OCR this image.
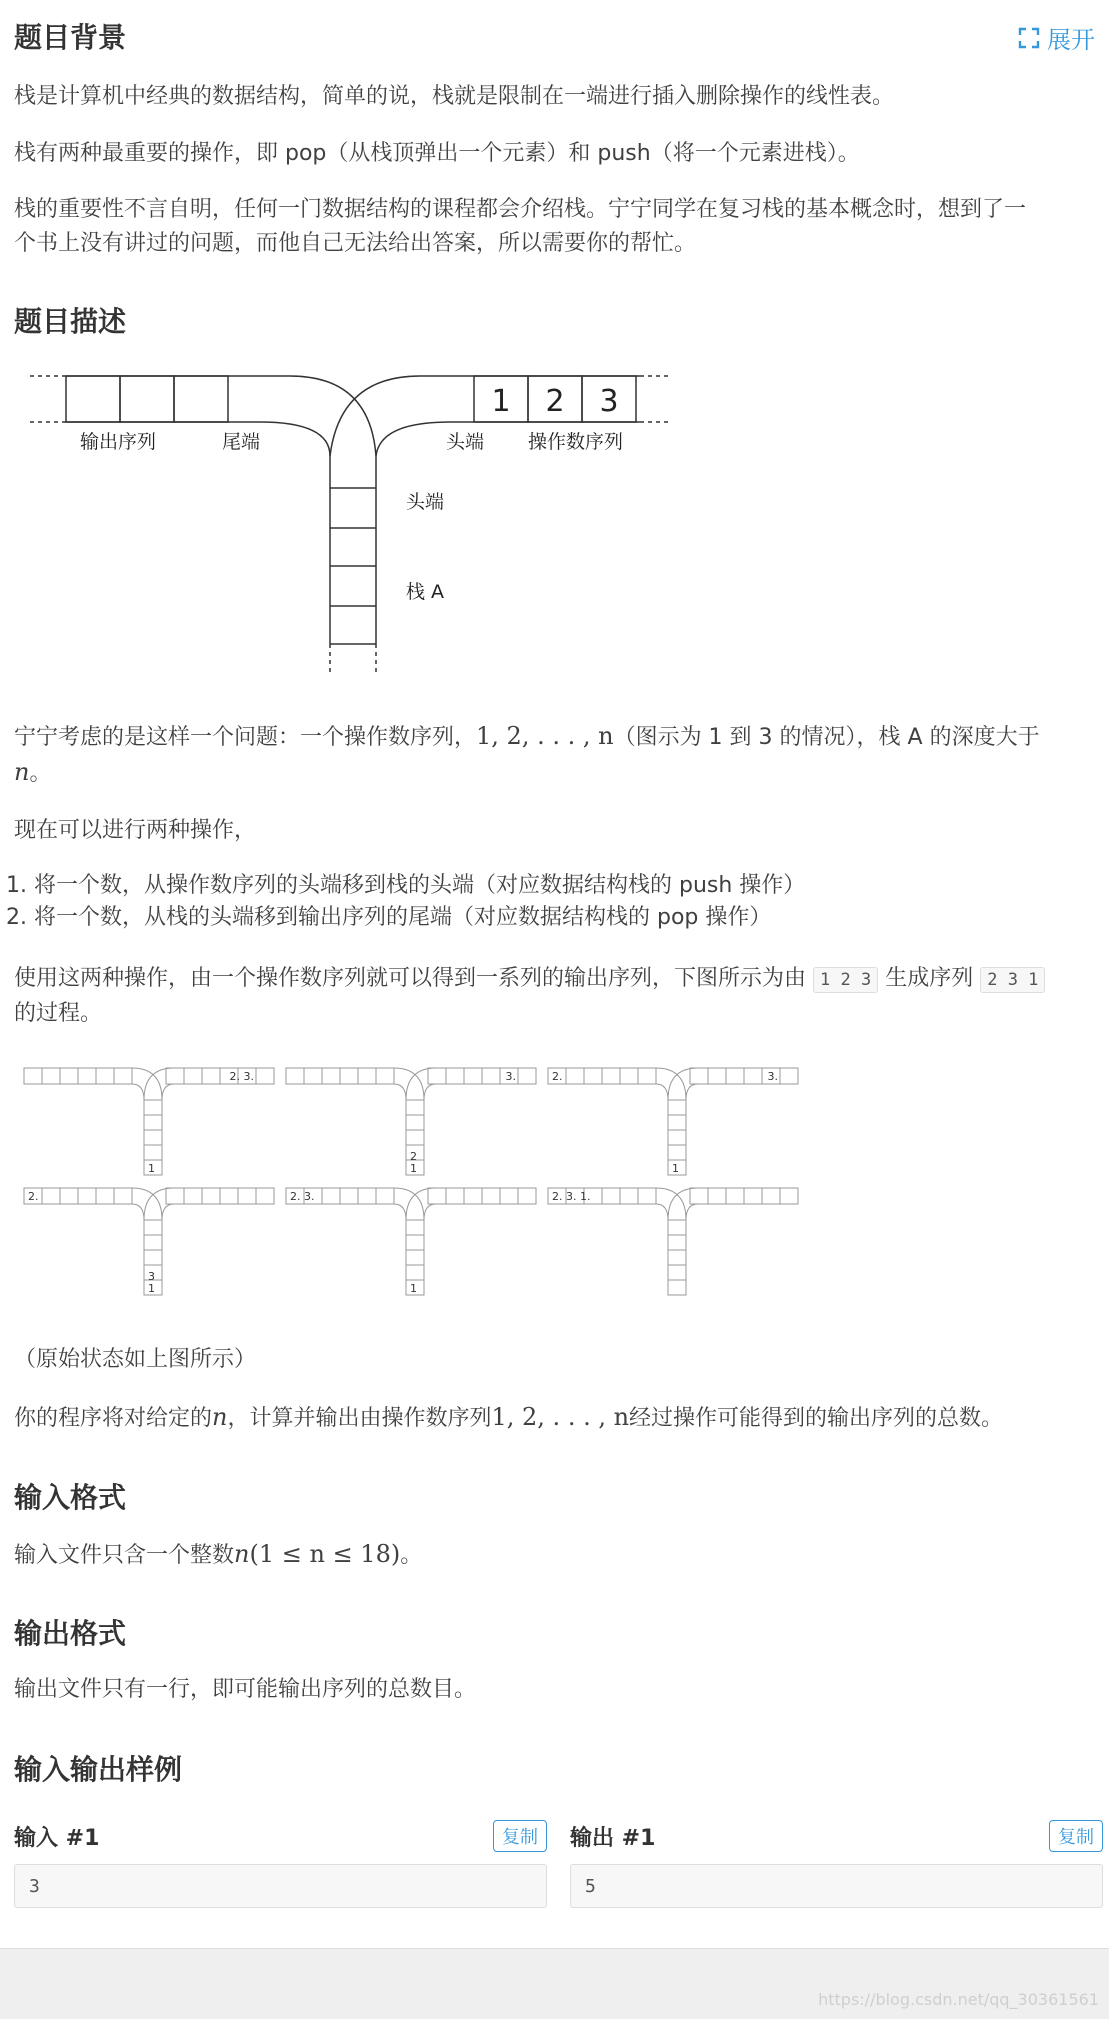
题目背景	展开

栈是计算机中经典的数据结构，简单的说，栈就是限制在一端进行插入删除操作的线性表。

栈有两种最重要的操作，即 pop（从栈顶弹出一个元素）和 push（将一个元素进栈）。

栈的重要性不言自明，任何一门数据结构的课程都会介绍栈。宁宁同学在复习栈的基本概念时，想到了一
个书上没有讲过的问题，而他自己无法给出答案，所以需要你的帮忙。
题目描述
1 2 3
输出序列	尾端	头端 操作数序列
头端
栈 A
宁宁考虑的是这样一个问题：一个操作数序列，1, 2, . . . , n（图示为 1 到 3 的情况），栈 A 的深度大于
n。

现在可以进行两种操作，

1. 将一个数，从操作数序列的头端移到栈的头端（对应数据结构栈的 push 操作）
2. 将一个数，从栈的头端移到输出序列的尾端（对应数据结构栈的 pop 操作）
使用这两种操作，由一个操作数序列就可以得到一系列的输出序列，下图所示为由 1 2 3 生成序列 2 3 1
的过程。
2. 3.
1
3.
2
1
2.	3.
1
2.
3
1
2. 3.
1
2. 3. 1.

（原始状态如上图所示）

你的程序将对给定的n，计算并输出由操作数序列1, 2, . . . , n经过操作可能得到的输出序列的总数。
输入格式
输入文件只含一个整数n(1 ≤ n ≤ 18)。
输出格式

输出文件只有一行，即可能输出序列的总数目。

输入输出样例
输入 #1	复制
3
输出 #1	复制
5
https://blog.csdn.net/qq_30361561
